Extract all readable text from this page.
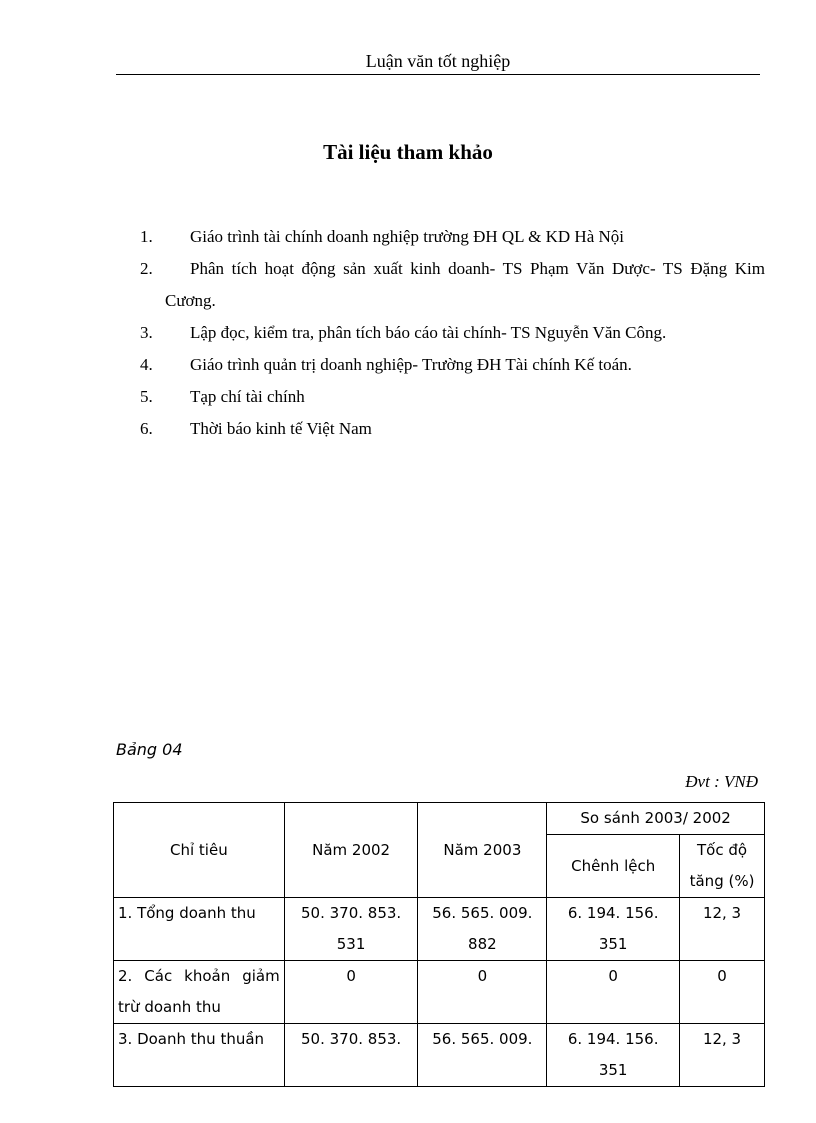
Luận văn tốt nghiệp
Tài liệu tham khảo
1.	Giáo trình tài chính doanh nghiệp trường ĐH QL & KD Hà Nội
2.	Phân tích hoạt động sản xuất kinh doanh- TS Phạm Văn Dược- TS Đặng Kim Cương.
3.	Lập đọc, kiểm tra, phân tích báo cáo tài chính- TS Nguyễn Văn Công.
4.	Giáo trình quản trị doanh nghiệp- Trường ĐH Tài chính Kế toán.
5.	Tạp chí tài chính
6.	Thời báo kinh tế Việt Nam
Bảng 04
Đvt : VNĐ
Chỉ tiêu	Năm 2002	Năm 2003	So sánh 2003/ 2002	
			Chênh lệch	Tốc độ tăng (%)
1. Tổng doanh thu	50. 370. 853. 531	56. 565. 009. 882	6. 194. 156. 351	12, 3
2. Các khoản giảm trừ doanh thu	0	0	0	0
3. Doanh thu thuần	50. 370. 853.	56. 565. 009.	6. 194. 156. 351	12, 3
